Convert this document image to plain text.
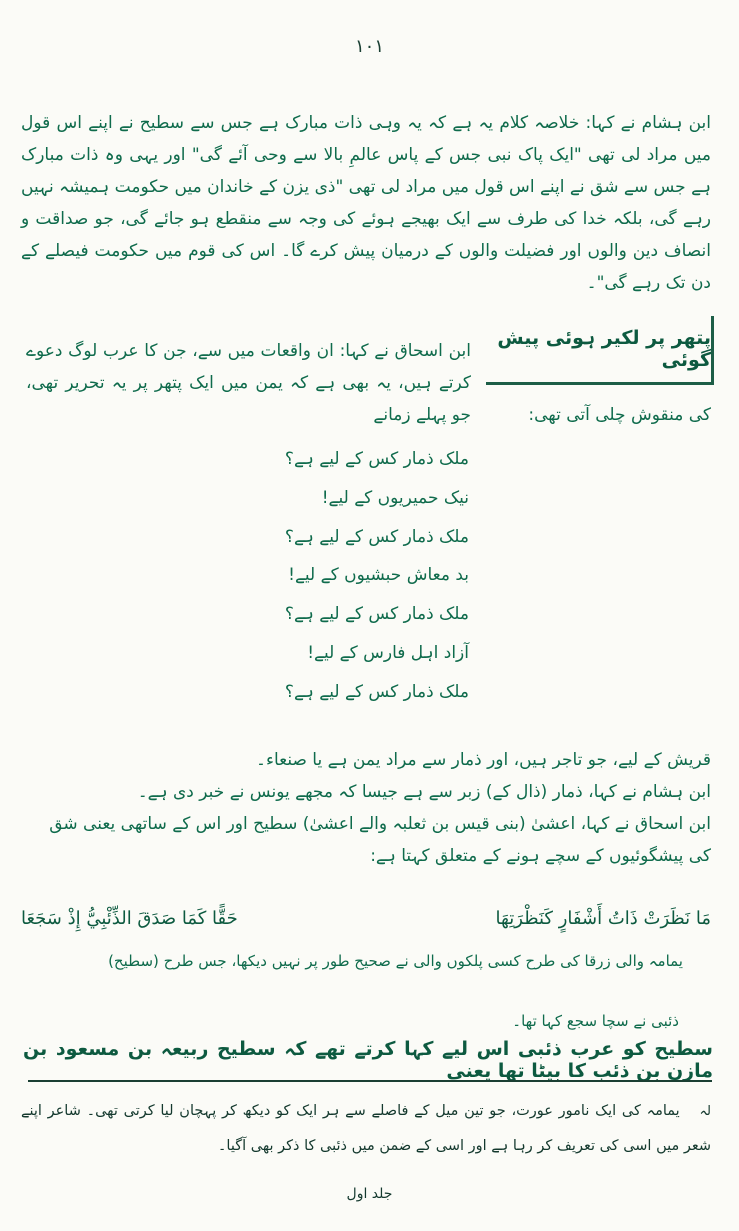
۱۰۱

ابن ہشام نے کہا: خلاصہ کلام یہ ہے کہ یہ وہی ذات مبارک ہے جس سے سطیح نے اپنے اس قول میں مراد لی تھی "ایک پاک نبی جس کے پاس عالمِ بالا سے وحی آئے گی" اور یہی وہ ذات مبارک ہے جس سے شق نے اپنے اس قول میں مراد لی تھی "ذی یزن کے خاندان میں حکومت ہمیشہ نہیں رہے گی، بلکہ خدا کی طرف سے ایک بھیجے ہوئے کی وجہ سے منقطع ہو جائے گی، جو صداقت و انصاف دین والوں اور فضیلت والوں کے درمیان پیش کرے گا۔ اس کی قوم میں حکومت فیصلے کے دن تک رہے گی"۔

پتھر پر لکیر ہوئی پیش گوئی

ابن اسحاق نے کہا: ان واقعات میں سے، جن کا عرب لوگ دعوے کرتے ہیں، یہ بھی ہے کہ یمن میں ایک پتھر پر یہ تحریر تھی، جو پہلے زمانے	کی منقوش چلی آتی تھی:

ملک ذمار کس کے لیے ہے؟
نیک حمیریوں کے لیے!
ملک ذمار کس کے لیے ہے؟
بد معاش حبشیوں کے لیے!
ملک ذمار کس کے لیے ہے؟
آزاد اہل فارس کے لیے!
ملک ذمار کس کے لیے ہے؟
قریش کے لیے، جو تاجر ہیں، اور ذمار سے مراد یمن ہے یا صنعاء۔
ابن ہشام نے کہا، ذمار (ذال کے) زبر سے ہے جیسا کہ مجھے یونس نے خبر دی ہے۔
ابن اسحاق نے کہا، اعشیٰ (بنی قیس بن ثعلبہ والے اعشیٰ) سطیح اور اس کے ساتھی یعنی شق
کی پیشگوئیوں کے سچے ہونے کے متعلق کہتا ہے:
مَا نَظَرَتْ ذَاتُ أَشْفَارٍ كَنَظْرَتِهَا
حَقًّا كَمَا صَدَقَ الذِّئْبِيُّ إِذْ سَجَعَا
یمامہ والی زرقا کی طرح کسی پلکوں والی نے صحیح طور پر نہیں دیکھا، جس طرح (سطیح)
ذئبی نے سچا سجع کہا تھا۔
سطیح کو عرب ذئبی اس لیے کہا کرتے تھے کہ سطیح ربیعہ بن مسعود بن مازن بن ذئب کا بیٹا تھا یعنی
لہ یمامہ کی ایک نامور عورت، جو تین میل کے فاصلے سے ہر ایک کو دیکھ کر پہچان لیا کرتی تھی۔ شاعر اپنے شعر میں اسی کی تعریف کر رہا ہے اور اسی کے ضمن میں ذئبی کا ذکر بھی آگیا۔
جلد اول
